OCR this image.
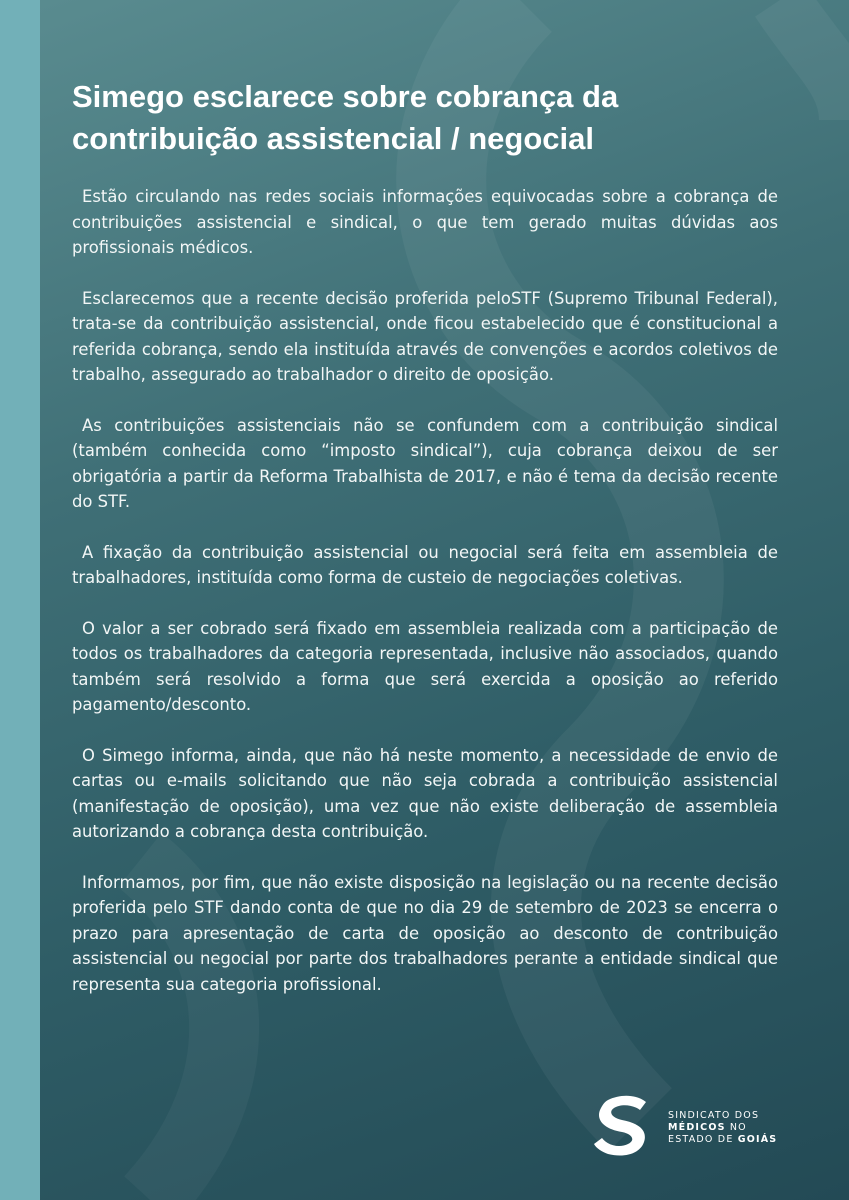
Simego esclarece sobre cobrança da contribuição assistencial / negocial

Estão circulando nas redes sociais informações equivocadas sobre a cobrança de contribuições assistencial e sindical, o que tem gerado muitas dúvidas aos profissionais médicos.

Esclarecemos que a recente decisão proferida peloSTF (Supremo Tribunal Federal), trata-se da contribuição assistencial, onde ficou estabelecido que é constitucional a referida cobrança, sendo ela instituída através de convenções e acordos coletivos de trabalho, assegurado ao trabalhador o direito de oposição.

As contribuições assistenciais não se confundem com a contribuição sindical (também conhecida como “imposto sindical”), cuja cobrança deixou de ser obrigatória a partir da Reforma Trabalhista de 2017, e não é tema da decisão recente do STF.

A fixação da contribuição assistencial ou negocial será feita em assembleia de trabalhadores, instituída como forma de custeio de negociações coletivas.

O valor a ser cobrado será fixado em assembleia realizada com a participação de todos os trabalhadores da categoria representada, inclusive não associados, quando também será resolvido a forma que será exercida a oposição ao referido pagamento/desconto.

O Simego informa, ainda, que não há neste momento, a necessidade de envio de cartas ou e-mails solicitando que não seja cobrada a contribuição assistencial (manifestação de oposição), uma vez que não existe deliberação de assembleia autorizando a cobrança desta contribuição.

Informamos, por fim, que não existe disposição na legislação ou na recente decisão proferida pelo STF dando conta de que no dia 29 de setembro de 2023 se encerra o prazo para apresentação de carta de oposição ao desconto de contribuição assistencial ou negocial por parte dos trabalhadores perante a entidade sindical que representa sua categoria profissional.

SINDICATO DOS
MÉDICOS NO
ESTADO DE GOIÁS
